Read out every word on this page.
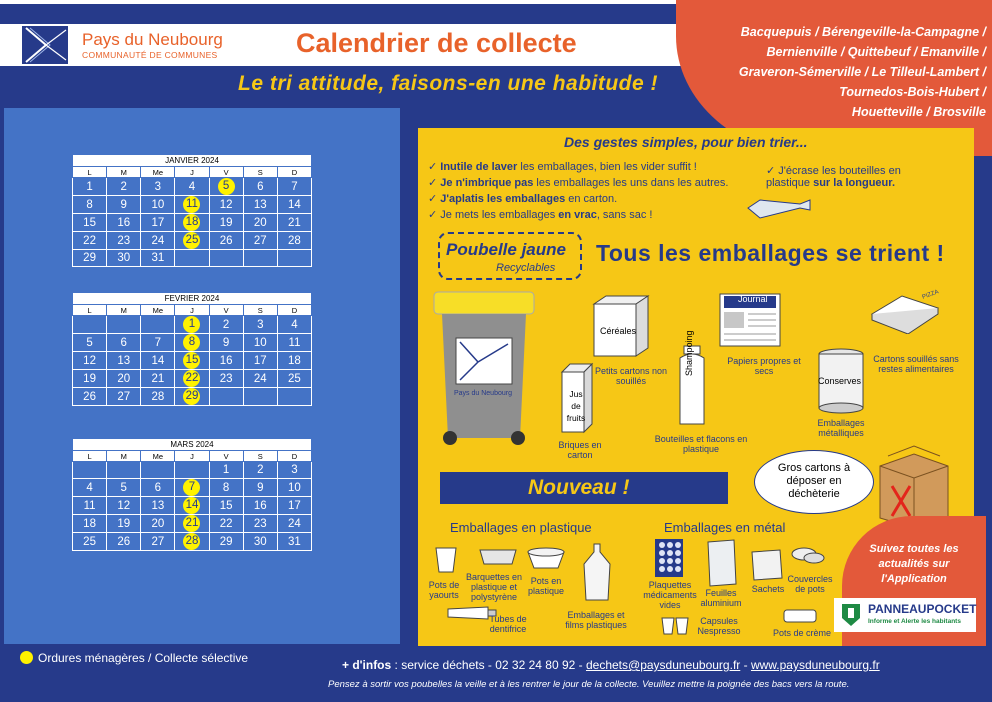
Pays du Neubourg
COMMUNAUTÉ DE COMMUNES	Calendrier de collecte
Le tri attitude, faisons-en une habitude !
Bacquepuis / Bérengeville-la-Campagne /
Bernienville / Quittebeuf / Emanville /
Graveron-Sémerville / Le Tilleul-Lambert /
Tournedos-Bois-Hubert /
Houetteville / Brosville
JANVIER 2024						
L	M	Me	J	V	S	D
1	2	3	4	5	6	7
8	9	10	11	12	13	14
15	16	17	18	19	20	21
22	23	24	25	26	27	28
29	30	31				
FEVRIER 2024						
L	M	Me	J	V	S	D
			1	2	3	4
5	6	7	8	9	10	11
12	13	14	15	16	17	18
19	20	21	22	23	24	25
26	27	28	29			
MARS 2024						
L	M	Me	J	V	S	D
				1	2	3
4	5	6	7	8	9	10
11	12	13	14	15	16	17
18	19	20	21	22	23	24
25	26	27	28	29	30	31
Des gestes simples, pour bien trier...
✓ Inutile de laver les emballages, bien les vider suffit !
✓ Je n'imbrique pas les emballages les uns dans les autres.
✓ J'aplatis les emballages en carton.
✓ Je mets les emballages en vrac, sans sac !
✓ J'écrase les bouteilles en plastique sur la longueur.
Poubelle jaune
Recyclables
Tous les emballages se trient !
Pays du Neubourg
Céréales
Petits cartons non souillés
Jus de fruits
Briques en carton
Shampoing
Bouteilles et flacons en plastique
Journal
Papiers propres et secs
PIZZA
Cartons souillés sans restes alimentaires
Conserves
Emballages métalliques
Nouveau !
Gros cartons à déposer en déchèterie
Emballages en plastique
Pots de yaourts
Barquettes en plastique et polystyrène
Pots en plastique
Tubes de dentifrice
Emballages et films plastiques
Emballages en métal
Plaquettes médicaments vides
Feuilles aluminium
Sachets
Couvercles de pots
Capsules Nespresso	Pots de crème
Suivez toutes les actualités sur l'Application
PANNEAUPOCKET
Informe et Alerte les habitants
Ordures ménagères / Collecte sélective	+ d'infos : service déchets - 02 32 24 80 92 - dechets@paysduneubourg.fr - www.paysduneubourg.fr
Pensez à sortir vos poubelles la veille et à les rentrer le jour de la collecte. Veuillez mettre la poignée des bacs vers la route.
